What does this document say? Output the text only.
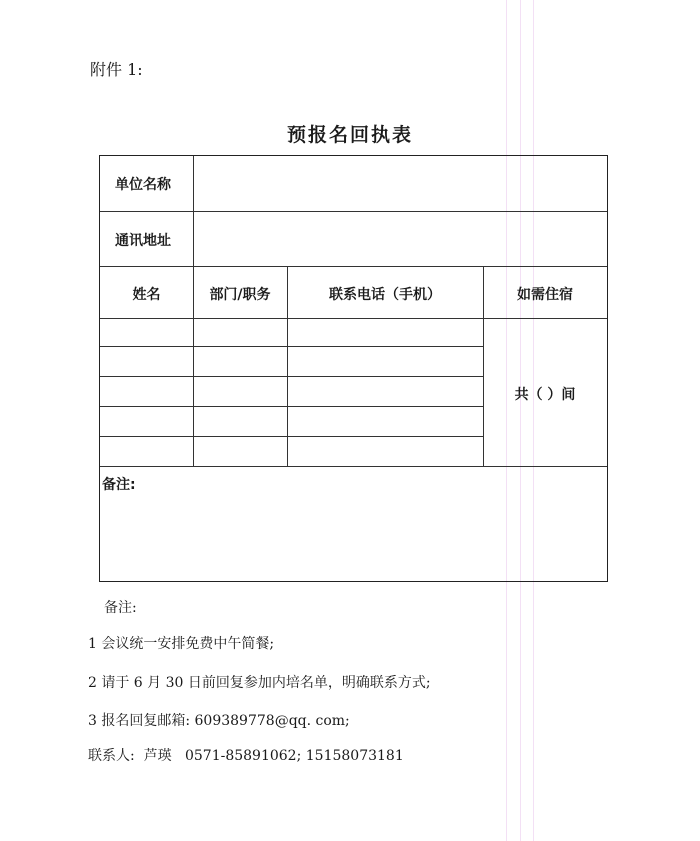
附件 1:
预报名回执表
单位名称
通讯地址
姓名	部门/职务	联系电话（手机）	如需住宿
共（ ）间
备注:
备注:
1 会议统一安排免费中午简餐;
2 请于 6 月 30 日前回复参加内培名单，明确联系方式;
3 报名回复邮箱: 609389778@qq. com;
联系人:  芦瑛   0571-85891062; 15158073181
